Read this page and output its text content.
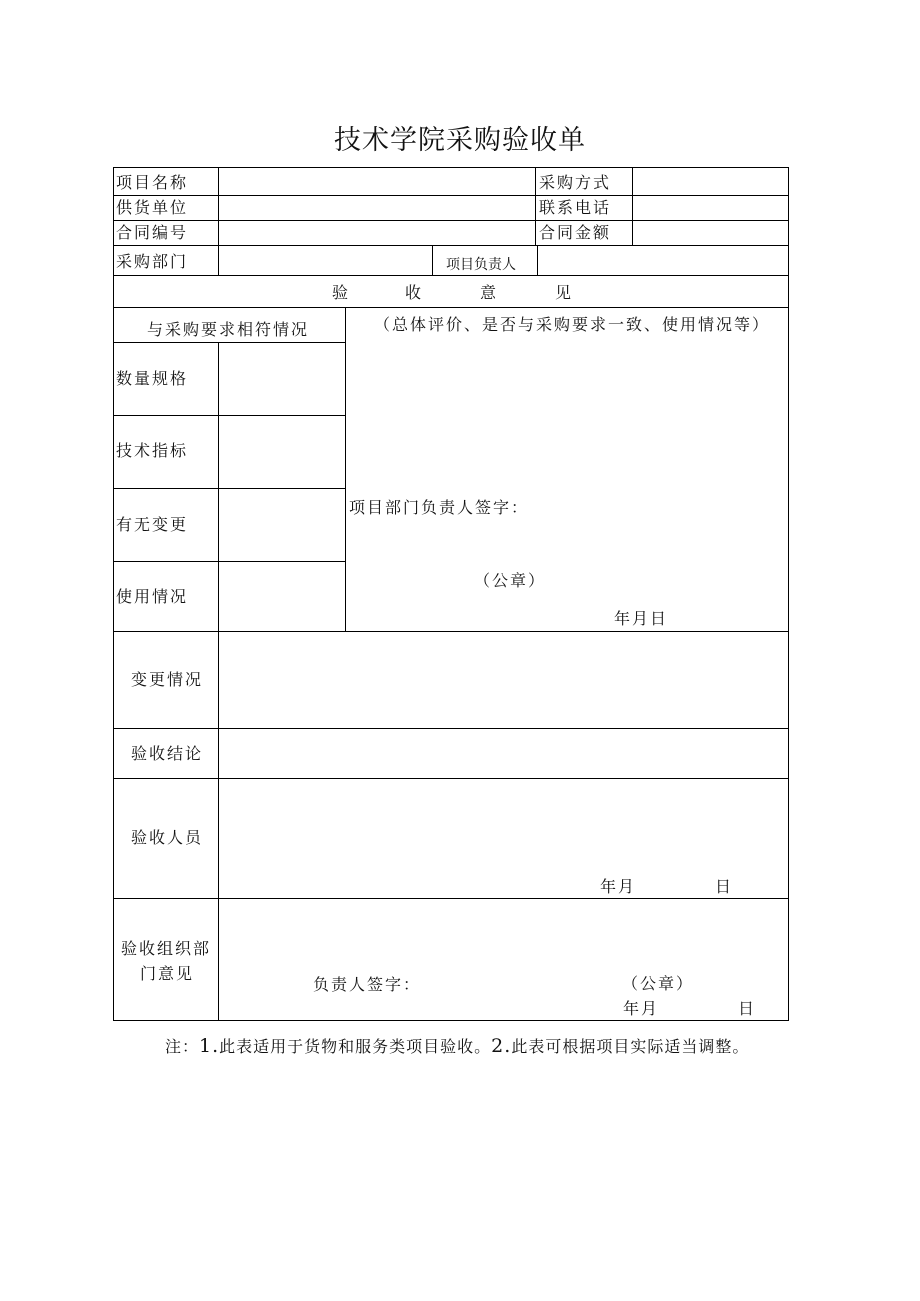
技术学院采购验收单
项目名称	采购方式
供货单位	联系电话
合同编号	合同金额
采购部门	项目负责人
验	收	意	见
与采购要求相符情况	（总体评价、是否与采购要求一致、使用情况等）
数量规格
技术指标
有无变更
使用情况
项目部门负责人签字：
（公章）
年月日
变更情况
验收结论
验收人员
年月	日
验收组织部
门意见
负责人签字：	（公章）
年月	日
注：1.此表适用于货物和服务类项目验收。2.此表可根据项目实际适当调整。
